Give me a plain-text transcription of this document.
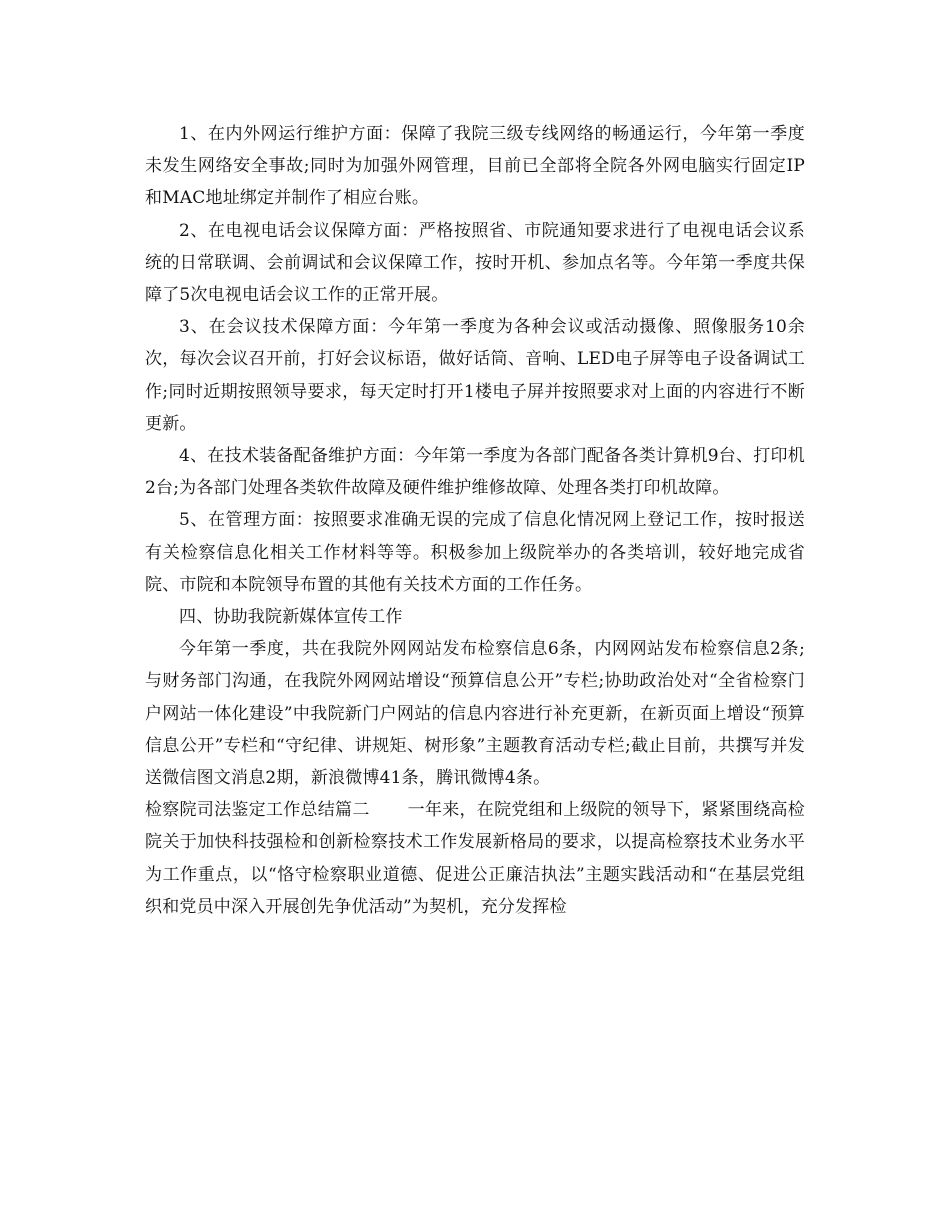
1、在内外网运行维护方面：保障了我院三级专线网络的畅通运行，今年第一季度未发生网络安全事故;同时为加强外网管理，目前已全部将全院各外网电脑实行固定IP和MAC地址绑定并制作了相应台账。

2、在电视电话会议保障方面：严格按照省、市院通知要求进行了电视电话会议系统的日常联调、会前调试和会议保障工作，按时开机、参加点名等。今年第一季度共保障了5次电视电话会议工作的正常开展。

3、在会议技术保障方面：今年第一季度为各种会议或活动摄像、照像服务10余次，每次会议召开前，打好会议标语，做好话筒、音响、LED电子屏等电子设备调试工作;同时近期按照领导要求，每天定时打开1楼电子屏并按照要求对上面的内容进行不断更新。

4、在技术装备配备维护方面：今年第一季度为各部门配备各类计算机9台、打印机2台;为各部门处理各类软件故障及硬件维护维修故障、处理各类打印机故障。

5、在管理方面：按照要求准确无误的完成了信息化情况网上登记工作，按时报送有关检察信息化相关工作材料等等。积极参加上级院举办的各类培训，较好地完成省院、市院和本院领导布置的其他有关技术方面的工作任务。

四、协助我院新媒体宣传工作

今年第一季度，共在我院外网网站发布检察信息6条，内网网站发布检察信息2条;与财务部门沟通，在我院外网网站增设“预算信息公开”专栏;协助政治处对“全省检察门户网站一体化建设”中我院新门户网站的信息内容进行补充更新，在新页面上增设“预算信息公开”专栏和“守纪律、讲规矩、树形象”主题教育活动专栏;截止目前，共撰写并发送微信图文消息2期，新浪微博41条，腾讯微博4条。

检察院司法鉴定工作总结篇二 一年来，在院党组和上级院的领导下，紧紧围绕高检院关于加快科技强检和创新检察技术工作发展新格局的要求，以提高检察技术业务水平为工作重点，以“恪守检察职业道德、促进公正廉洁执法”主题实践活动和“在基层党组织和党员中深入开展创先争优活动”为契机，充分发挥检
